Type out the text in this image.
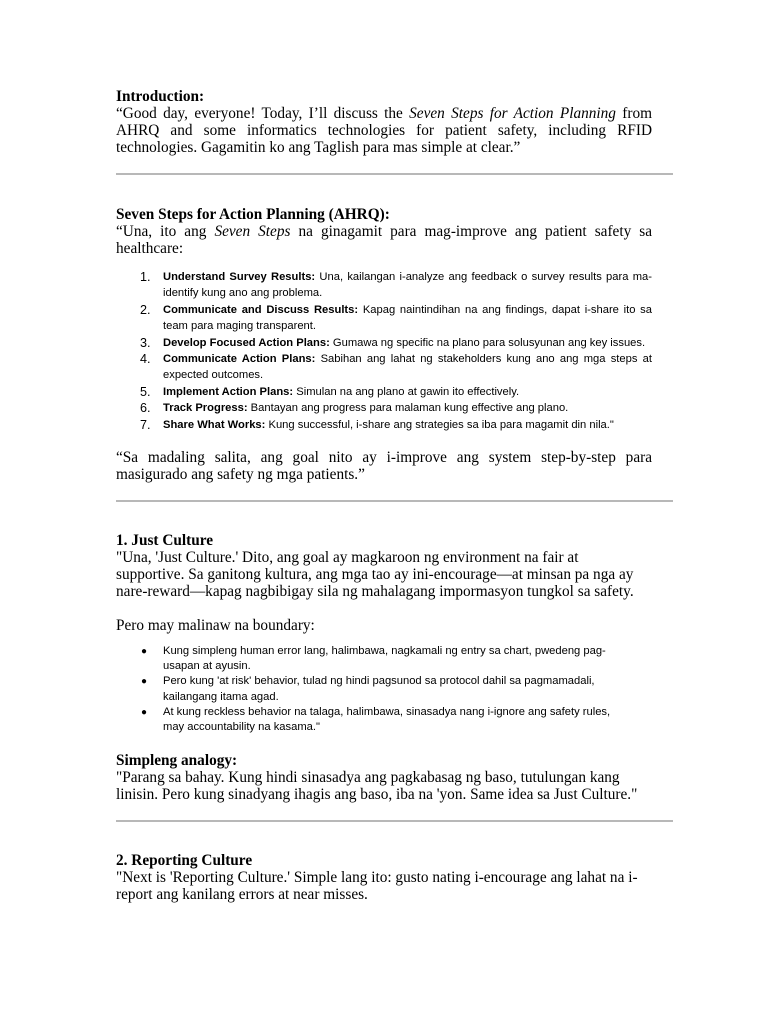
Introduction:

“Good day, everyone! Today, I’ll discuss the Seven Steps for Action Planning from AHRQ and some informatics technologies for patient safety, including RFID technologies. Gagamitin ko ang Taglish para mas simple at clear.”

Seven Steps for Action Planning (AHRQ):

“Una, ito ang Seven Steps na ginagamit para mag-improve ang patient safety sa healthcare:

1. Understand Survey Results: Una, kailangan i-analyze ang feedback o survey results para ma-identify kung ano ang problema.
2. Communicate and Discuss Results: Kapag naintindihan na ang findings, dapat i-share ito sa team para maging transparent.
3. Develop Focused Action Plans: Gumawa ng specific na plano para solusyunan ang key issues.
4. Communicate Action Plans: Sabihan ang lahat ng stakeholders kung ano ang mga steps at expected outcomes.
5. Implement Action Plans: Simulan na ang plano at gawin ito effectively.
6. Track Progress: Bantayan ang progress para malaman kung effective ang plano.
7. Share What Works: Kung successful, i-share ang strategies sa iba para magamit din nila."

“Sa madaling salita, ang goal nito ay i-improve ang system step-by-step para masigurado ang safety ng mga patients.”

1. Just Culture

"Una, 'Just Culture.' Dito, ang goal ay magkaroon ng environment na fair at supportive. Sa ganitong kultura, ang mga tao ay ini-encourage—at minsan pa nga ay nare-reward—kapag nagbibigay sila ng mahalagang impormasyon tungkol sa safety.

Pero may malinaw na boundary:

● Kung simpleng human error lang, halimbawa, nagkamali ng entry sa chart, pwedeng pag-usapan at ayusin.
● Pero kung 'at risk' behavior, tulad ng hindi pagsunod sa protocol dahil sa pagmamadali, kailangang itama agad.
● At kung reckless behavior na talaga, halimbawa, sinasadya nang i-ignore ang safety rules, may accountability na kasama."

Simpleng analogy:

"Parang sa bahay. Kung hindi sinasadya ang pagkabasag ng baso, tutulungan kang linisin. Pero kung sinadyang ihagis ang baso, iba na 'yon. Same idea sa Just Culture."

2. Reporting Culture

"Next is 'Reporting Culture.' Simple lang ito: gusto nating i-encourage ang lahat na i-report ang kanilang errors at near misses.
